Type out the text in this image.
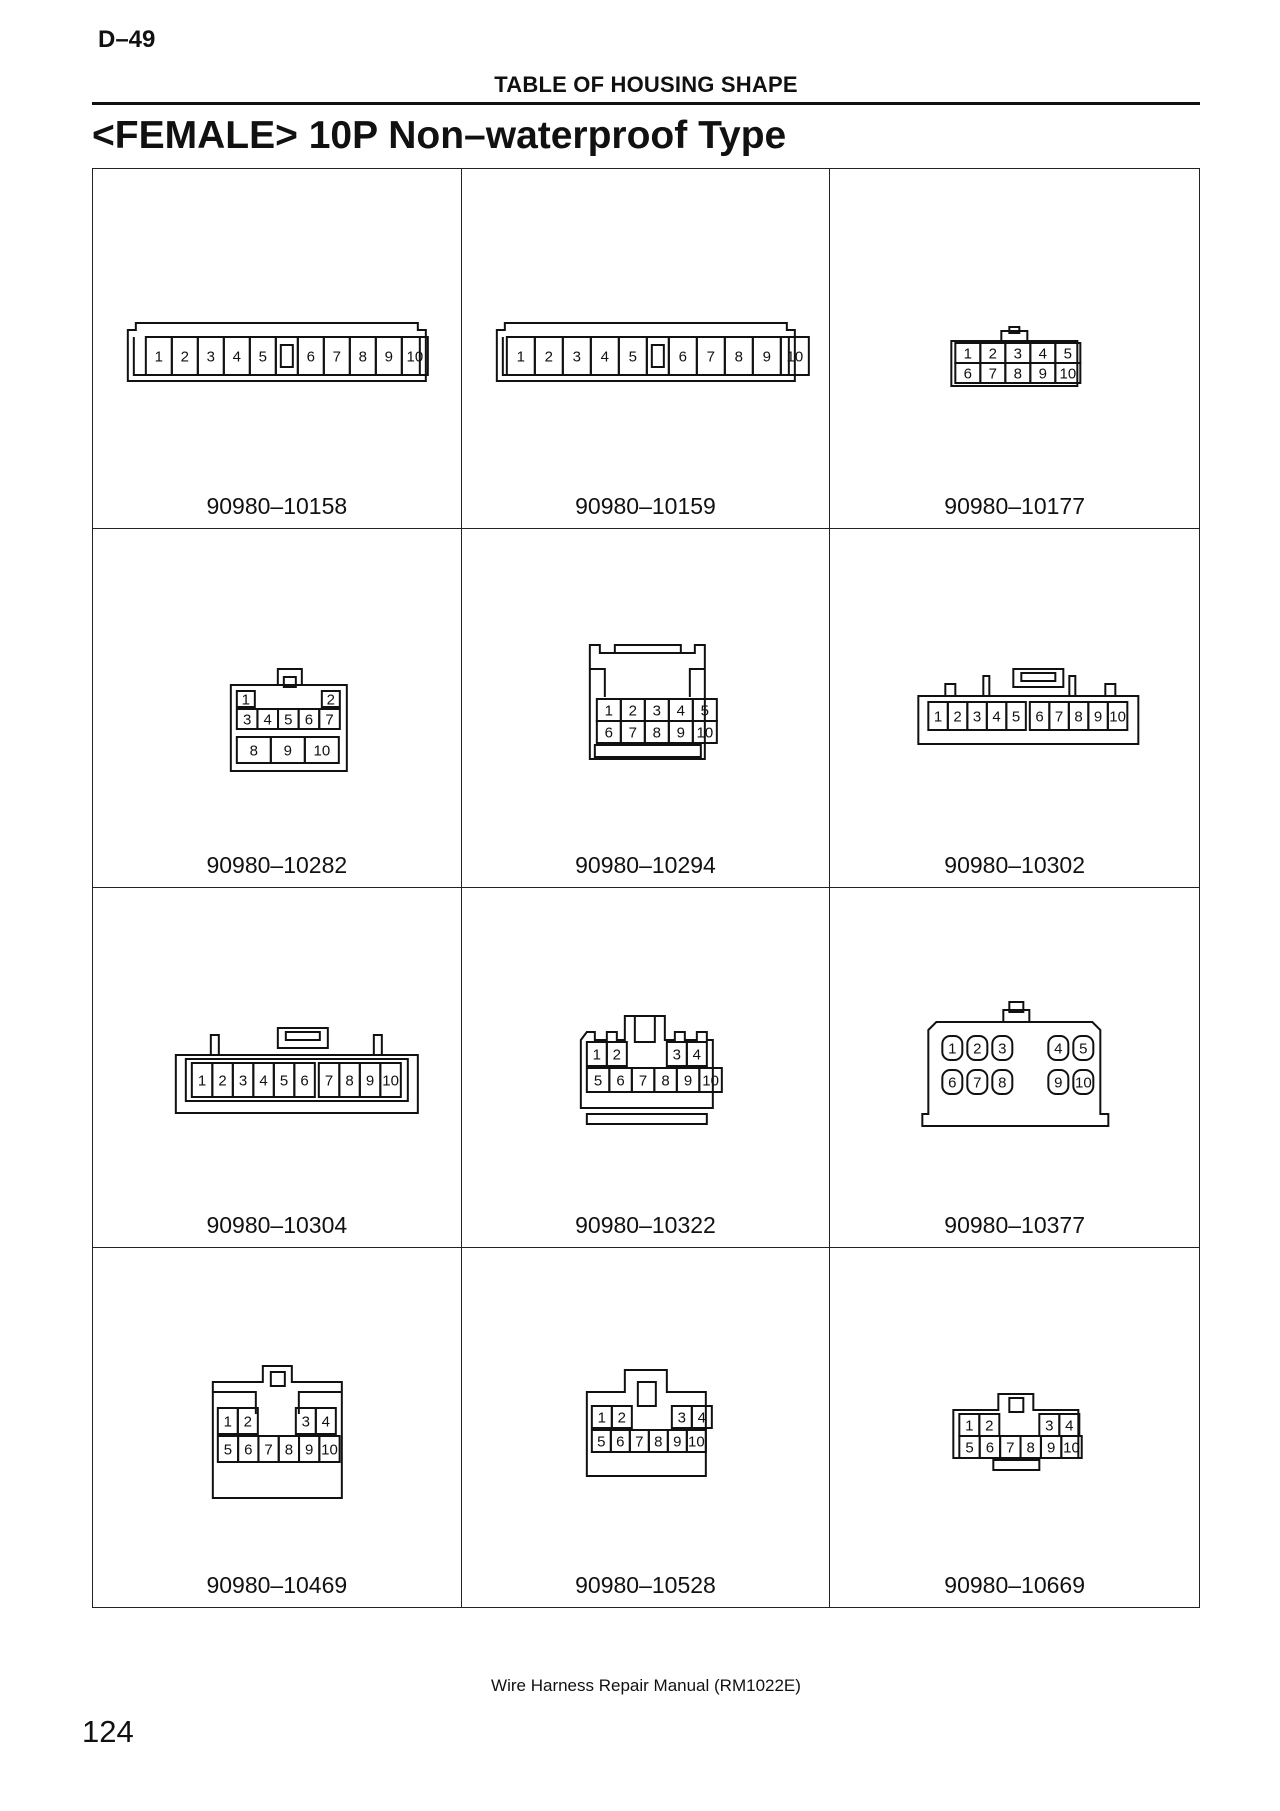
D–49
TABLE OF HOUSING SHAPE
<FEMALE> 10P Non–waterproof Type
1 2 3 4 5	6 7 8 9 10
90980–10158
1 2 3 4 5	6 7 8 9 10
90980–10159
1 2 3 4 5
6 7 8 9 10
90980–10177
1	2
3 4 5 6 7
8 9 10
90980–10282
1 2 3 4 5
6 7 8 9 10
90980–10294
1 2 3 4 5 6 7 8 9 10
90980–10302
1 2 3 4 5 6 7 8 9 10
90980–10304
1 2	3 4
5 6 7 8 9 10
90980–10322
1 2 3	4 5
6 7 8	9 10
90980–10377
1 2	3 4
5 6 7 8 9 10
90980–10469
1 2	3 4
5 6 7 8 9 10
90980–10528
1 2	3 4
5 6 7 8 9 10
90980–10669
Wire Harness Repair Manual (RM1022E)
124
